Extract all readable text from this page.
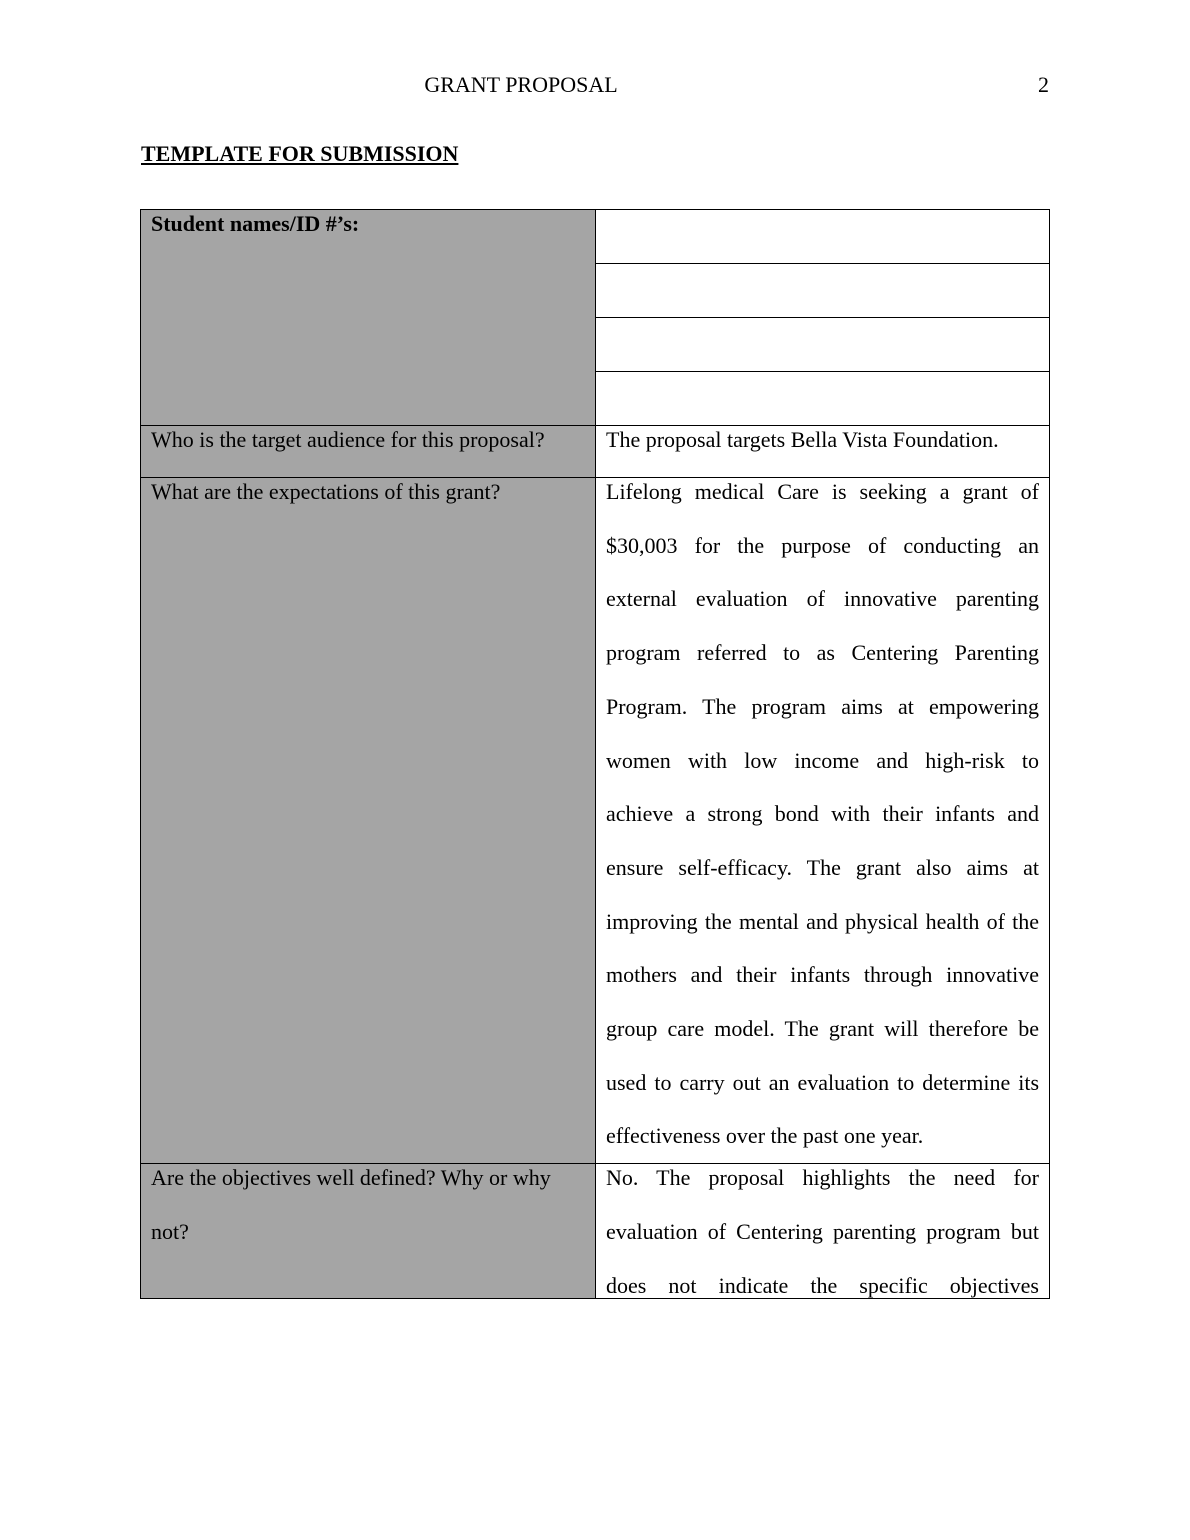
GRANT PROPOSAL	2
TEMPLATE FOR SUBMISSION
Student names/ID #’s:	

Who is the target audience for this proposal?	The proposal targets Bella Vista Foundation.

What are the expectations of this grant?	Lifelong medical Care is seeking a grant of $30,003 for the purpose of conducting an external evaluation of innovative parenting program referred to as Centering Parenting Program. The program aims at empowering women with low income and high-risk to achieve a strong bond with their infants and ensure self-efficacy. The grant also aims at improving the mental and physical health of the mothers and their infants through innovative group care model. The grant will therefore be used to carry out an evaluation to determine its effectiveness over the past one year.

Are the objectives well defined? Why or why not?	No. The proposal highlights the need for evaluation of Centering parenting program but does not indicate the specific objectives
